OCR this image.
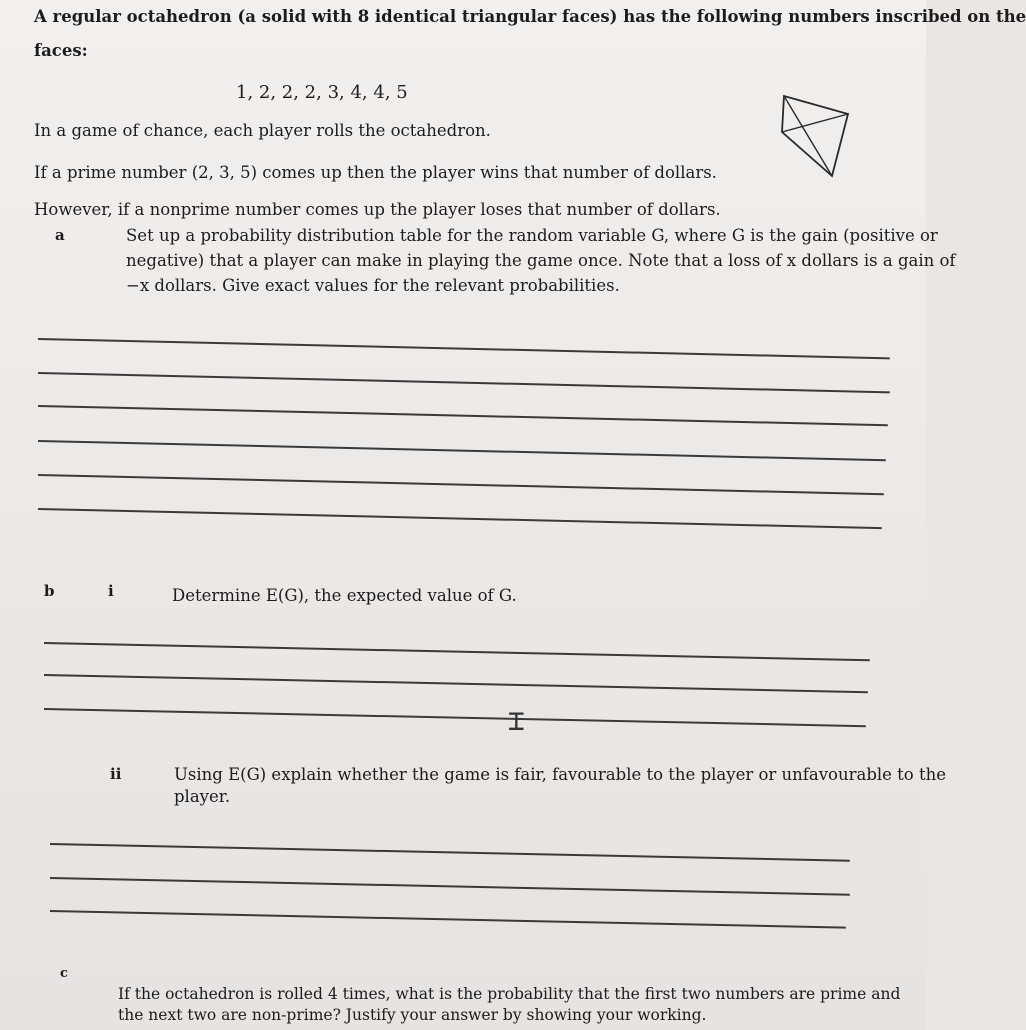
A regular octahedron (a solid with 8 identical triangular faces) has the following numbers inscribed on the

faces:

1, 2, 2, 2, 3, 4, 4, 5

In a game of chance, each player rolls the octahedron.

If a prime number (2, 3, 5) comes up then the player wins that number of dollars.

However, if a nonprime number comes up the player loses that number of dollars.

a	Set up a probability distribution table for the random variable G, where G is the gain (positive or

negative) that a player can make in playing the game once. Note that a loss of x dollars is a gain of

−x dollars. Give exact values for the relevant probabilities.

b	i	Determine E(G), the expected value of G.

⌶
ii	Using E(G) explain whether the game is fair, favourable to the player or unfavourable to the

player.

c

If the octahedron is rolled 4 times, what is the probability that the first two numbers are prime and

the next two are non-prime? Justify your answer by showing your working.
